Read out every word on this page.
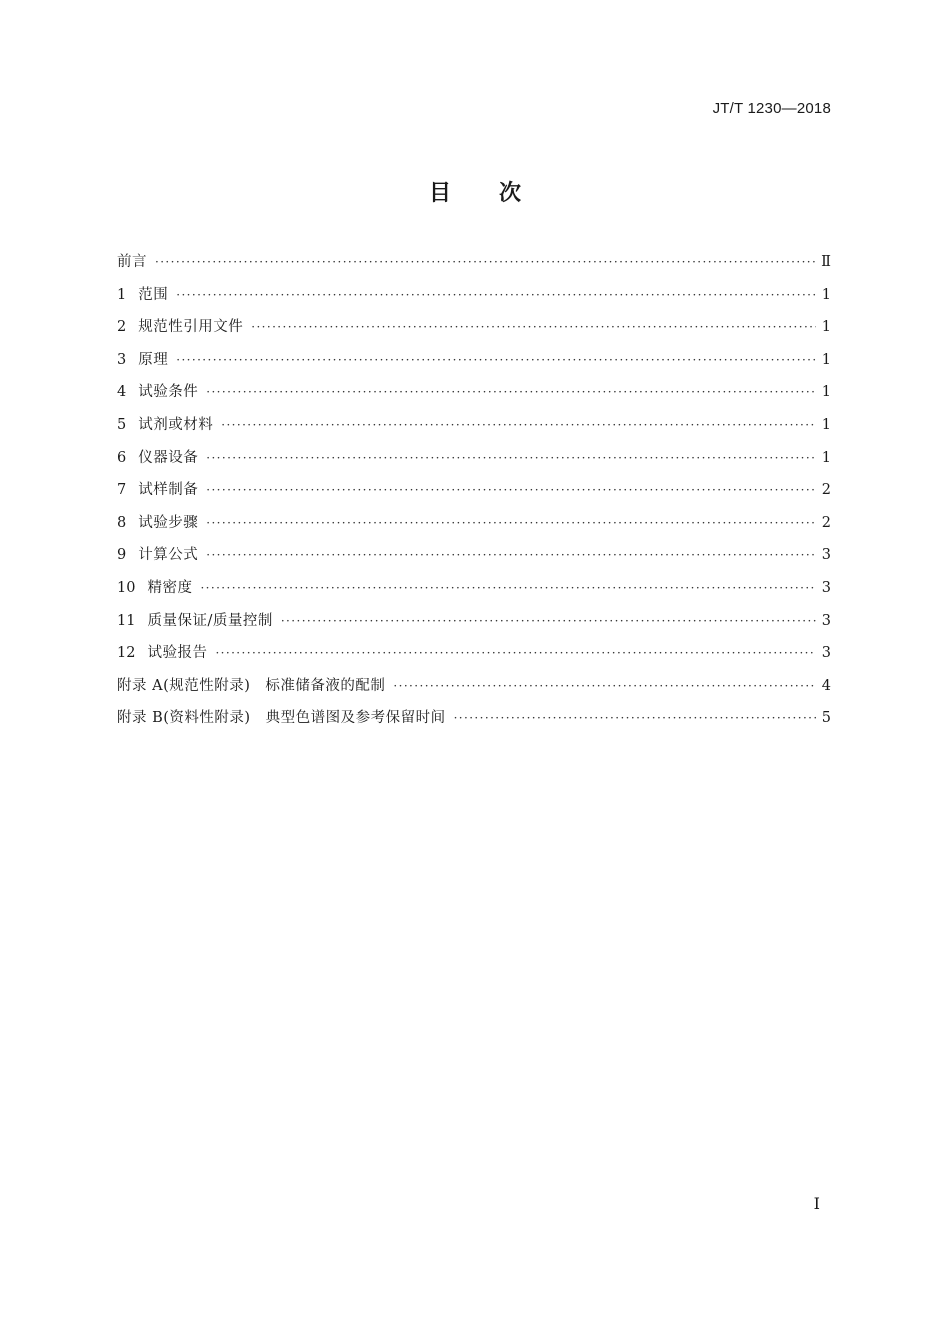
JT/T 1230—2018
目次
前言 ·····	Ⅱ
1 范围 ·····	1
2 规范性引用文件 ·····	1
3 原理 ·····	1
4 试验条件 ·····	1
5 试剂或材料 ·····	1
6 仪器设备 ·····	1
7 试样制备 ·····	2
8 试验步骤 ·····	2
9 计算公式 ·····	3
10 精密度 ·····	3
11 质量保证/质量控制 ·····	3
12 试验报告 ·····	3
附录 A(规范性附录)　标准储备液的配制 ·····	4
附录 B(资料性附录)　典型色谱图及参考保留时间 ·····	5
I
